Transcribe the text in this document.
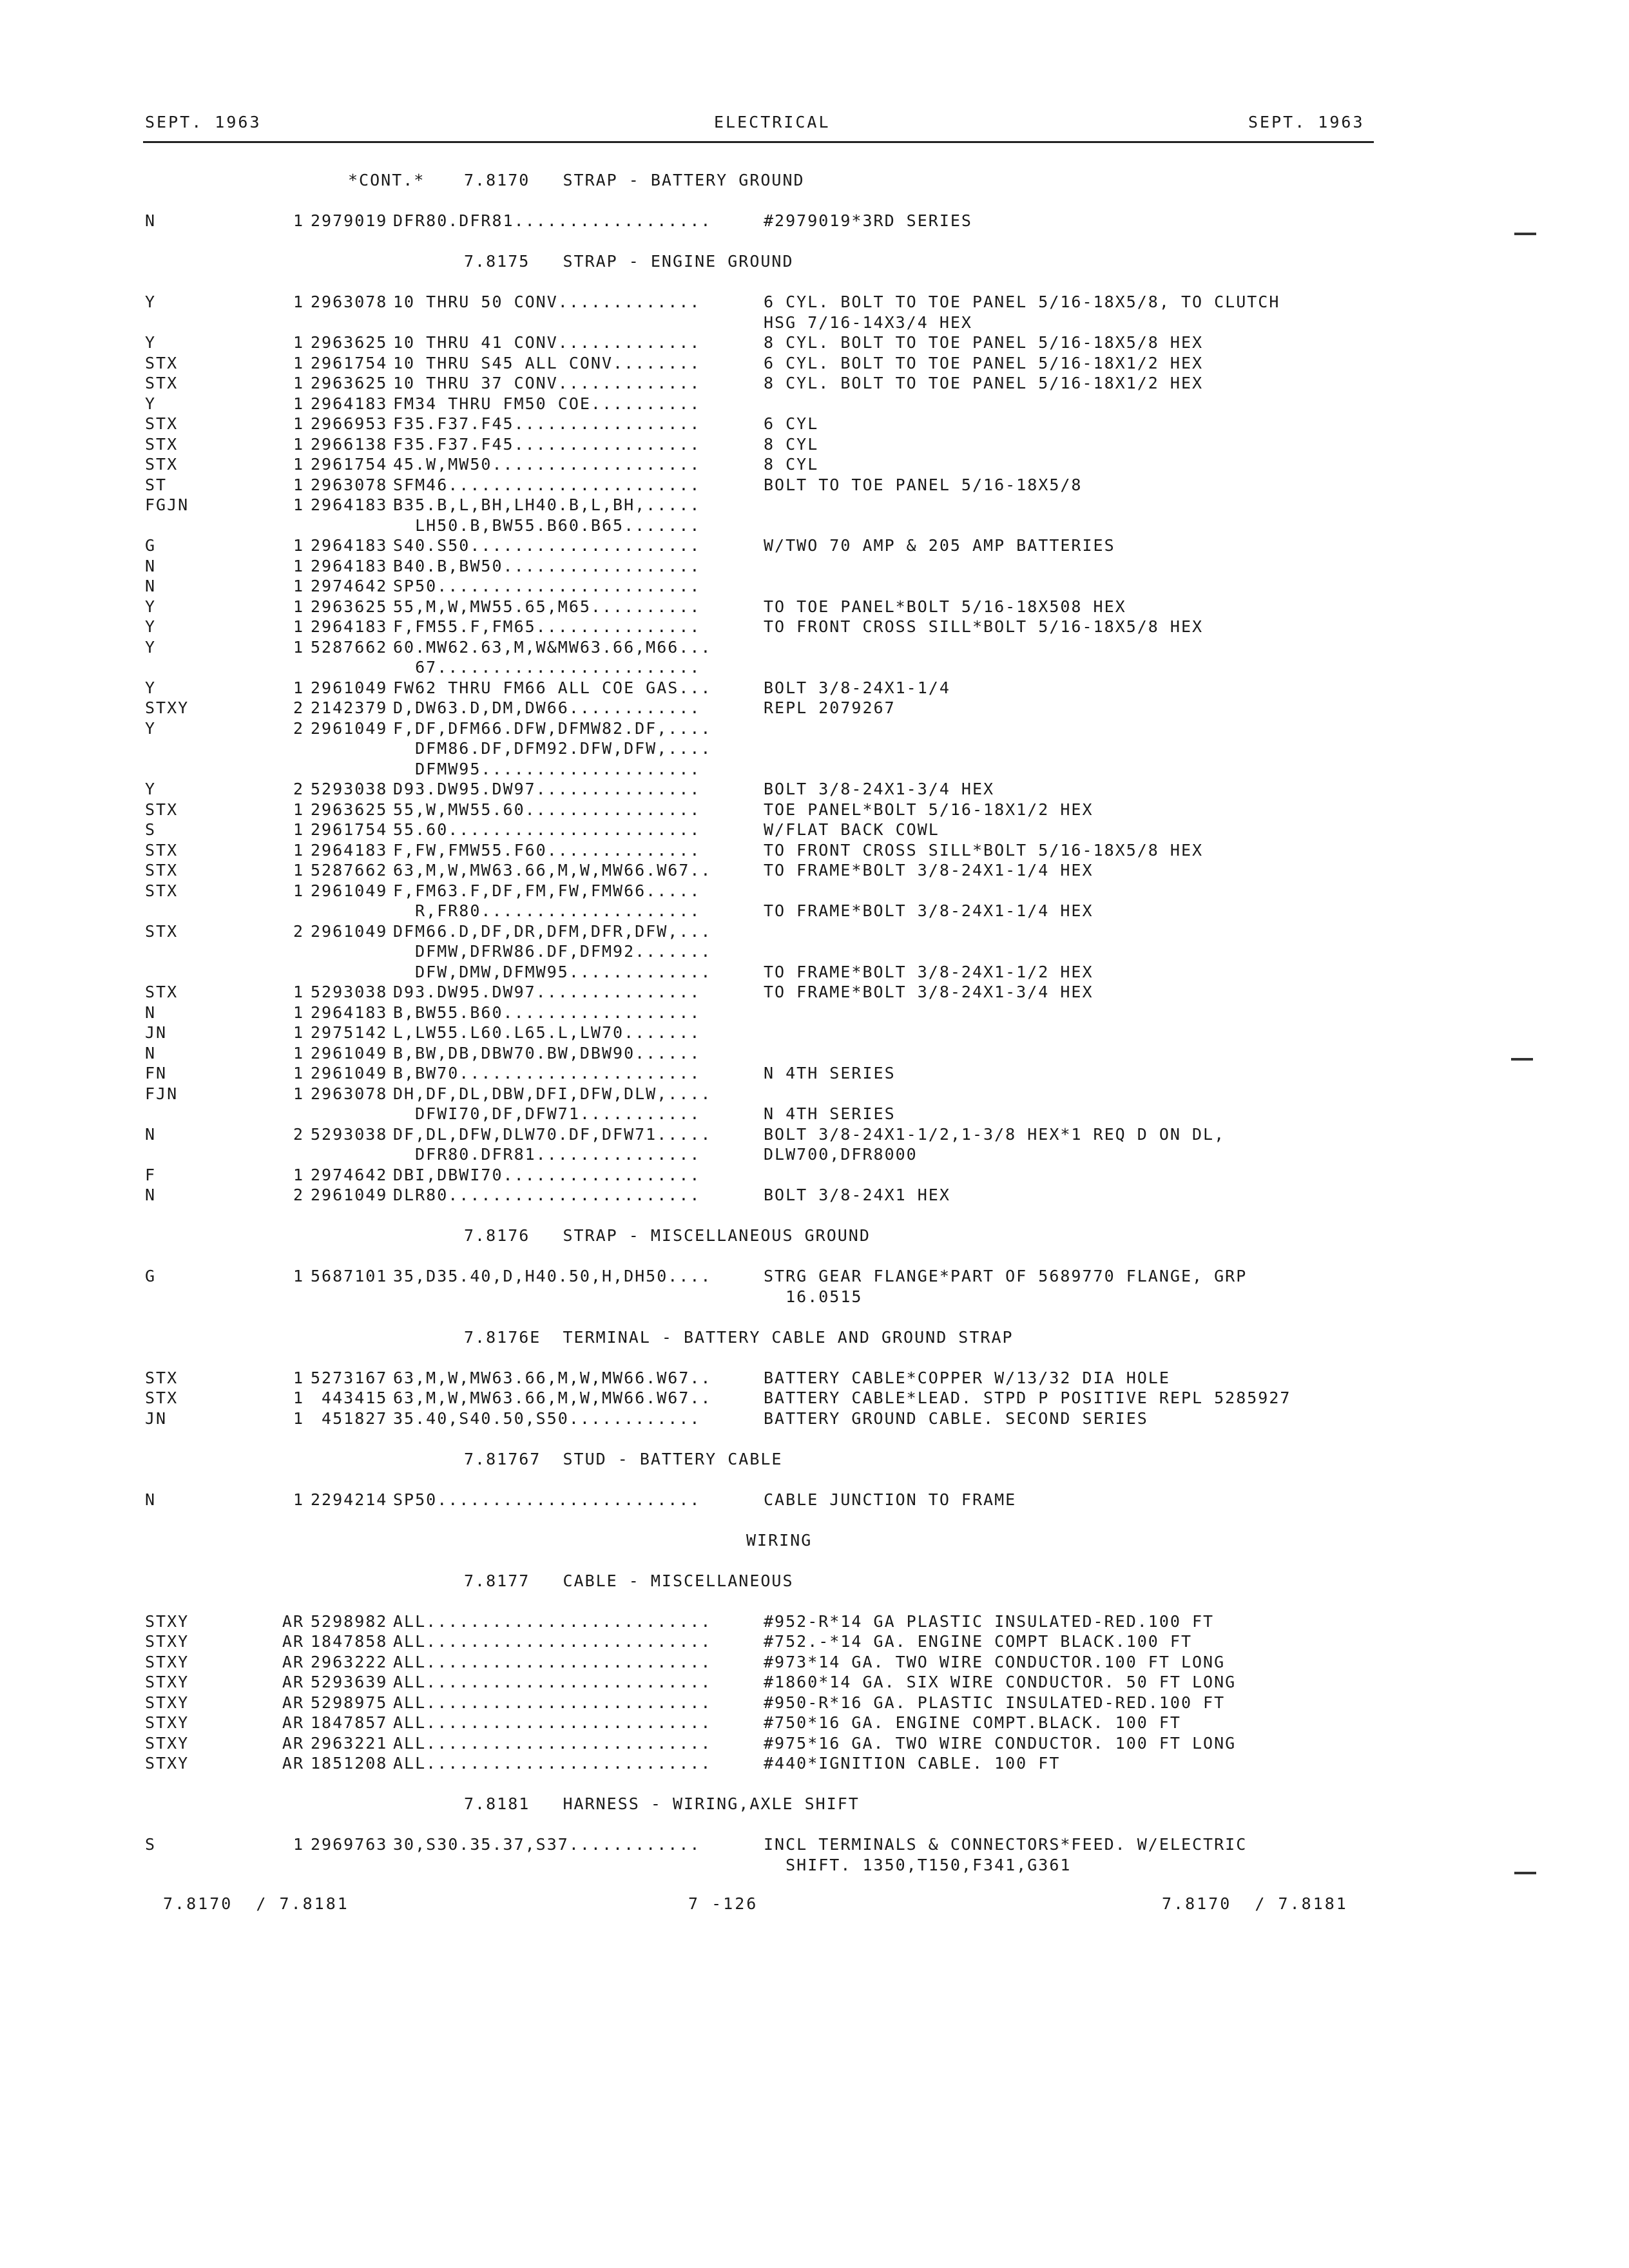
SEPT. 1963	ELECTRICAL	SEPT. 1963
*CONT.* 7.8170   STRAP - BATTERY GROUND
N	1 2979019 DFR80.DFR81..................	#2979019*3RD SERIES
7.8175   STRAP - ENGINE GROUND
Y	1 2963078 10 THRU 50 CONV.............	6 CYL. BOLT TO TOE PANEL 5/16-18X5/8, TO CLUTCH
HSG 7/16-14X3/4 HEX
Y	1 2963625 10 THRU 41 CONV.............	8 CYL. BOLT TO TOE PANEL 5/16-18X5/8 HEX
STX	1 2961754 10 THRU S45 ALL CONV........	6 CYL. BOLT TO TOE PANEL 5/16-18X1/2 HEX
STX	1 2963625 10 THRU 37 CONV.............	8 CYL. BOLT TO TOE PANEL 5/16-18X1/2 HEX
Y	1 2964183 FM34 THRU FM50 COE..........
STX	1 2966953 F35.F37.F45.................	6 CYL
STX	1 2966138 F35.F37.F45.................	8 CYL
STX	1 2961754 45.W,MW50...................	8 CYL
ST	1 2963078 SFM46.......................	BOLT TO TOE PANEL 5/16-18X5/8
FGJN	1 2964183 B35.B,L,BH,LH40.B,L,BH,.....
LH50.B,BW55.B60.B65.......
G	1 2964183 S40.S50.....................	W/TWO 70 AMP & 205 AMP BATTERIES
N	1 2964183 B40.B,BW50..................
N	1 2974642 SP50........................
Y	1 2963625 55,M,W,MW55.65,M65..........	TO TOE PANEL*BOLT 5/16-18X508 HEX
Y	1 2964183 F,FM55.F,FM65...............	TO FRONT CROSS SILL*BOLT 5/16-18X5/8 HEX
Y	1 5287662 60.MW62.63,M,W&MW63.66,M66...
67........................
Y	1 2961049 FW62 THRU FM66 ALL COE GAS...	BOLT 3/8-24X1-1/4
STXY	2 2142379 D,DW63.D,DM,DW66............	REPL 2079267
Y	2 2961049 F,DF,DFM66.DFW,DFMW82.DF,....
DFM86.DF,DFM92.DFW,DFW,....
DFMW95....................
Y	2 5293038 D93.DW95.DW97...............	BOLT 3/8-24X1-3/4 HEX
STX	1 2963625 55,W,MW55.60................	TOE PANEL*BOLT 5/16-18X1/2 HEX
S	1 2961754 55.60.......................	W/FLAT BACK COWL
STX	1 2964183 F,FW,FMW55.F60..............	TO FRONT CROSS SILL*BOLT 5/16-18X5/8 HEX
STX	1 5287662 63,M,W,MW63.66,M,W,MW66.W67..	TO FRAME*BOLT 3/8-24X1-1/4 HEX
STX	1 2961049 F,FM63.F,DF,FM,FW,FMW66.....
R,FR80....................	TO FRAME*BOLT 3/8-24X1-1/4 HEX
STX	2 2961049 DFM66.D,DF,DR,DFM,DFR,DFW,...
DFMW,DFRW86.DF,DFM92.......
DFW,DMW,DFMW95.............	TO FRAME*BOLT 3/8-24X1-1/2 HEX
STX	1 5293038 D93.DW95.DW97...............	TO FRAME*BOLT 3/8-24X1-3/4 HEX
N	1 2964183 B,BW55.B60..................
JN	1 2975142 L,LW55.L60.L65.L,LW70.......
N	1 2961049 B,BW,DB,DBW70.BW,DBW90......
FN	1 2961049 B,BW70......................	N 4TH SERIES
FJN	1 2963078 DH,DF,DL,DBW,DFI,DFW,DLW,....
DFWI70,DF,DFW71...........	N 4TH SERIES
N	2 5293038 DF,DL,DFW,DLW70.DF,DFW71.....	BOLT 3/8-24X1-1/2,1-3/8 HEX*1 REQ D ON DL,
DFR80.DFR81...............	DLW700,DFR8000
F	1 2974642 DBI,DBWI70..................
N	2 2961049 DLR80.......................	BOLT 3/8-24X1 HEX
7.8176   STRAP - MISCELLANEOUS GROUND
G	1 5687101 35,D35.40,D,H40.50,H,DH50....	STRG GEAR FLANGE*PART OF 5689770 FLANGE, GRP
16.0515
7.8176E  TERMINAL - BATTERY CABLE AND GROUND STRAP
STX	1 5273167 63,M,W,MW63.66,M,W,MW66.W67..	BATTERY CABLE*COPPER W/13/32 DIA HOLE
STX	1 443415 63,M,W,MW63.66,M,W,MW66.W67..	BATTERY CABLE*LEAD. STPD P POSITIVE REPL 5285927
JN	1 451827 35.40,S40.50,S50............	BATTERY GROUND CABLE. SECOND SERIES
7.81767  STUD - BATTERY CABLE
N	1 2294214 SP50........................	CABLE JUNCTION TO FRAME
WIRING
7.8177   CABLE - MISCELLANEOUS
STXY	AR 5298982 ALL..........................	#952-R*14 GA PLASTIC INSULATED-RED.100 FT
STXY	AR 1847858 ALL..........................	#752.-*14 GA. ENGINE COMPT BLACK.100 FT
STXY	AR 2963222 ALL..........................	#973*14 GA. TWO WIRE CONDUCTOR.100 FT LONG
STXY	AR 5293639 ALL..........................	#1860*14 GA. SIX WIRE CONDUCTOR. 50 FT LONG
STXY	AR 5298975 ALL..........................	#950-R*16 GA. PLASTIC INSULATED-RED.100 FT
STXY	AR 1847857 ALL..........................	#750*16 GA. ENGINE COMPT.BLACK. 100 FT
STXY	AR 2963221 ALL..........................	#975*16 GA. TWO WIRE CONDUCTOR. 100 FT LONG
STXY	AR 1851208 ALL..........................	#440*IGNITION CABLE. 100 FT
7.8181   HARNESS - WIRING,AXLE SHIFT
S	1 2969763 30,S30.35.37,S37............	INCL TERMINALS & CONNECTORS*FEED. W/ELECTRIC
SHIFT. 1350,T150,F341,G361
7.8170  / 7.8181	7 -126	7.8170  / 7.8181
